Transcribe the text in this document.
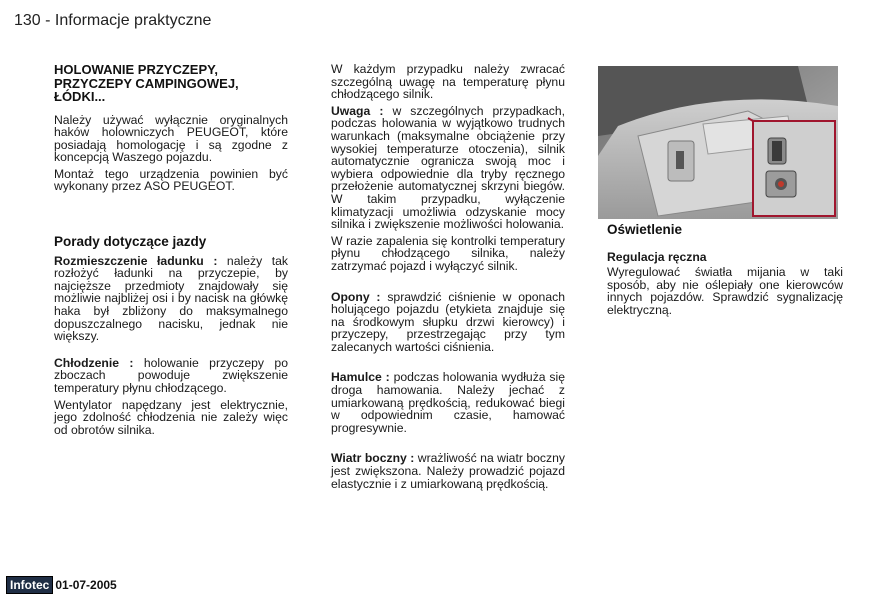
130 - Informacje praktyczne

HOLOWANIE PRZYCZEPY, PRZYCZEPY CAMPINGOWEJ, ŁÓDKI...

Należy używać wyłącznie oryginalnych haków holowniczych PEUGEOT, które posiadają homologację i są zgodne z koncepcją Waszego pojazdu.

Montaż tego urządzenia powinien być wykonany przez ASO PEUGEOT.

Porady dotyczące jazdy

Rozmieszczenie ładunku : należy tak rozłożyć ładunki na przyczepie, by najcięższe przedmioty znajdowały się możliwie najbliżej osi i by nacisk na główkę haka był zbliżony do maksymalnego dopuszczalnego nacisku, jednak nie większy.

Chłodzenie : holowanie przyczepy po zboczach powoduje zwiększenie temperatury płynu chłodzącego.

Wentylator napędzany jest elektrycznie, jego zdolność chłodzenia nie zależy więc od obrotów silnika.

W każdym przypadku należy zwracać szczególną uwagę na temperaturę płynu chłodzącego silnik.

Uwaga : w szczególnych przypadkach, podczas holowania w wyjątkowo trudnych warunkach (maksymalne obciążenie przy wysokiej temperaturze otoczenia), silnik automatycznie ogranicza swoją moc i wybiera odpowiednie dla tryby ręcznego przełożenie automatycznej skrzyni biegów. W takim przypadku, wyłączenie klimatyzacji umożliwia odzyskanie mocy silnika i zwiększenie możliwości holowania.

W razie zapalenia się kontrolki temperatury płynu chłodzącego silnika, należy zatrzymać pojazd i wyłączyć silnik.

Opony : sprawdzić ciśnienie w oponach holującego pojazdu (etykieta znajduje się na środkowym słupku drzwi kierowcy) i przyczepy, przestrzegając przy tym zalecanych wartości ciśnienia.

Hamulce : podczas holowania wydłuża się droga hamowania. Należy jechać z umiarkowaną prędkością, redukować biegi w odpowiednim czasie, hamować progresywnie.

Wiatr boczny : wrażliwość na wiatr boczny jest zwiększona. Należy prowadzić pojazd elastycznie i z umiarkowaną prędkością.

Oświetlenie

Regulacja ręczna

Wyregulować światła mijania w taki sposób, aby nie oślepiały one kierowców innych pojazdów. Sprawdzić sygnalizację elektryczną.

Infotec 01-07-2005
